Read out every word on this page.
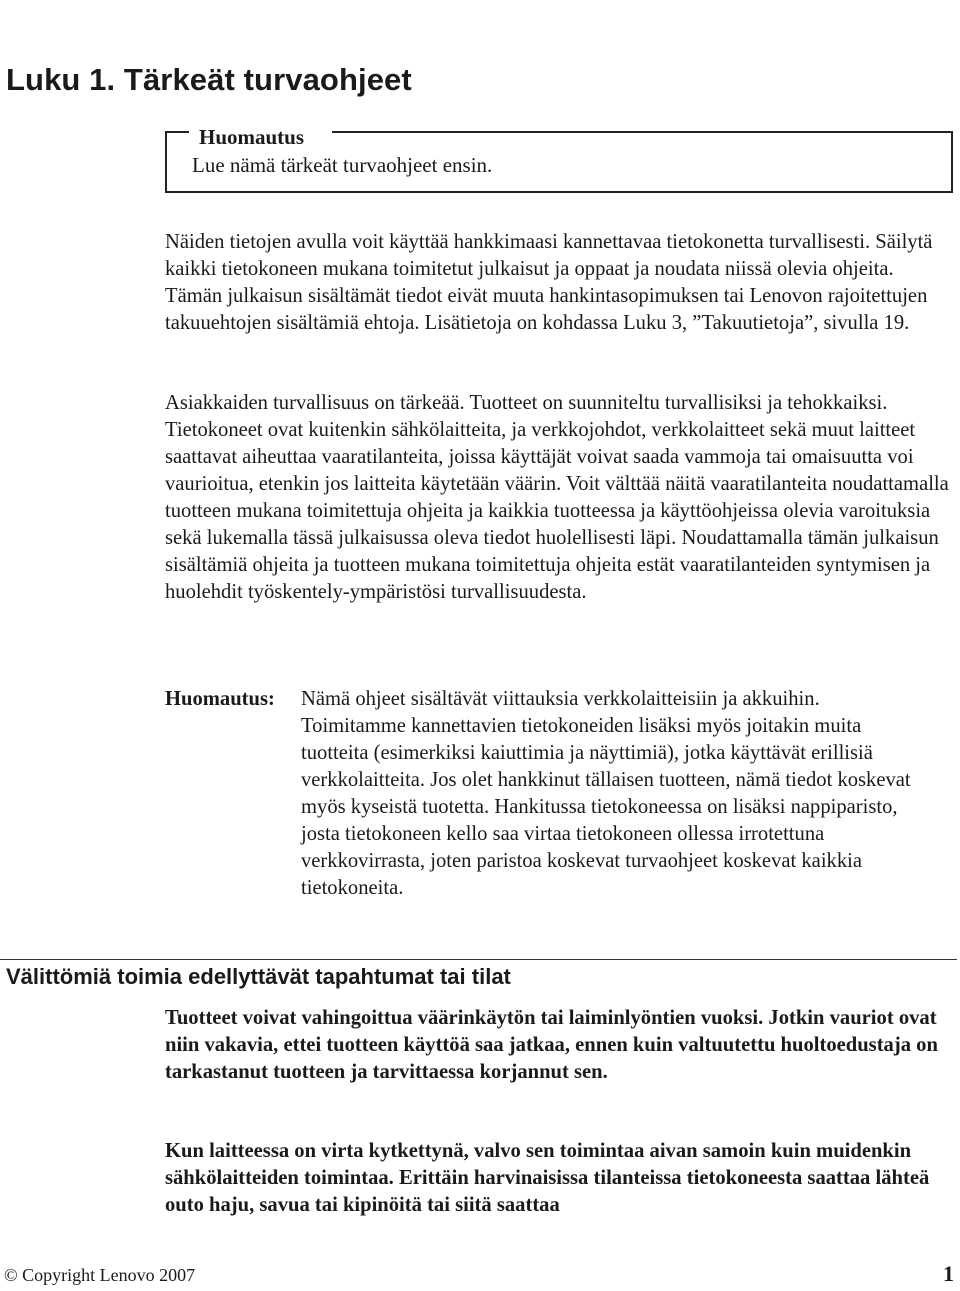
Luku 1. Tärkeät turvaohjeet
Huomautus
Lue nämä tärkeät turvaohjeet ensin.

Näiden tietojen avulla voit käyttää hankkimaasi kannettavaa tietokonetta turvallisesti. Säilytä kaikki tietokoneen mukana toimitetut julkaisut ja oppaat ja noudata niissä olevia ohjeita. Tämän julkaisun sisältämät tiedot eivät muuta hankintasopimuksen tai Lenovon rajoitettujen takuuehtojen sisältämiä ehtoja. Lisätietoja on kohdassa Luku 3, ”Takuutietoja”, sivulla 19.

Asiakkaiden turvallisuus on tärkeää. Tuotteet on suunniteltu turvallisiksi ja tehokkaiksi. Tietokoneet ovat kuitenkin sähkölaitteita, ja verkkojohdot, verkkolaitteet sekä muut laitteet saattavat aiheuttaa vaaratilanteita, joissa käyttäjät voivat saada vammoja tai omaisuutta voi vaurioitua, etenkin jos laitteita käytetään väärin. Voit välttää näitä vaaratilanteita noudattamalla tuotteen mukana toimitettuja ohjeita ja kaikkia tuotteessa ja käyttöohjeissa olevia varoituksia sekä lukemalla tässä julkaisussa oleva tiedot huolellisesti läpi. Noudattamalla tämän julkaisun sisältämiä ohjeita ja tuotteen mukana toimitettuja ohjeita estät vaaratilanteiden syntymisen ja huolehdit työskentely-ympäristösi turvallisuudesta.

Huomautus: Nämä ohjeet sisältävät viittauksia verkkolaitteisiin ja akkuihin. Toimitamme kannettavien tietokoneiden lisäksi myös joitakin muita tuotteita (esimerkiksi kaiuttimia ja näyttimiä), jotka käyttävät erillisiä verkkolaitteita. Jos olet hankkinut tällaisen tuotteen, nämä tiedot koskevat myös kyseistä tuotetta. Hankitussa tietokoneessa on lisäksi nappiparisto, josta tietokoneen kello saa virtaa tietokoneen ollessa irrotettuna verkkovirrasta, joten paristoa koskevat turvaohjeet koskevat kaikkia tietokoneita.

Välittömiä toimia edellyttävät tapahtumat tai tilat

Tuotteet voivat vahingoittua väärinkäytön tai laiminlyöntien vuoksi. Jotkin vauriot ovat niin vakavia, ettei tuotteen käyttöä saa jatkaa, ennen kuin valtuutettu huoltoedustaja on tarkastanut tuotteen ja tarvittaessa korjannut sen.

Kun laitteessa on virta kytkettynä, valvo sen toimintaa aivan samoin kuin muidenkin sähkölaitteiden toimintaa. Erittäin harvinaisissa tilanteissa tietokoneesta saattaa lähteä outo haju, savua tai kipinöitä tai siitä saattaa

© Copyright Lenovo 2007	1
